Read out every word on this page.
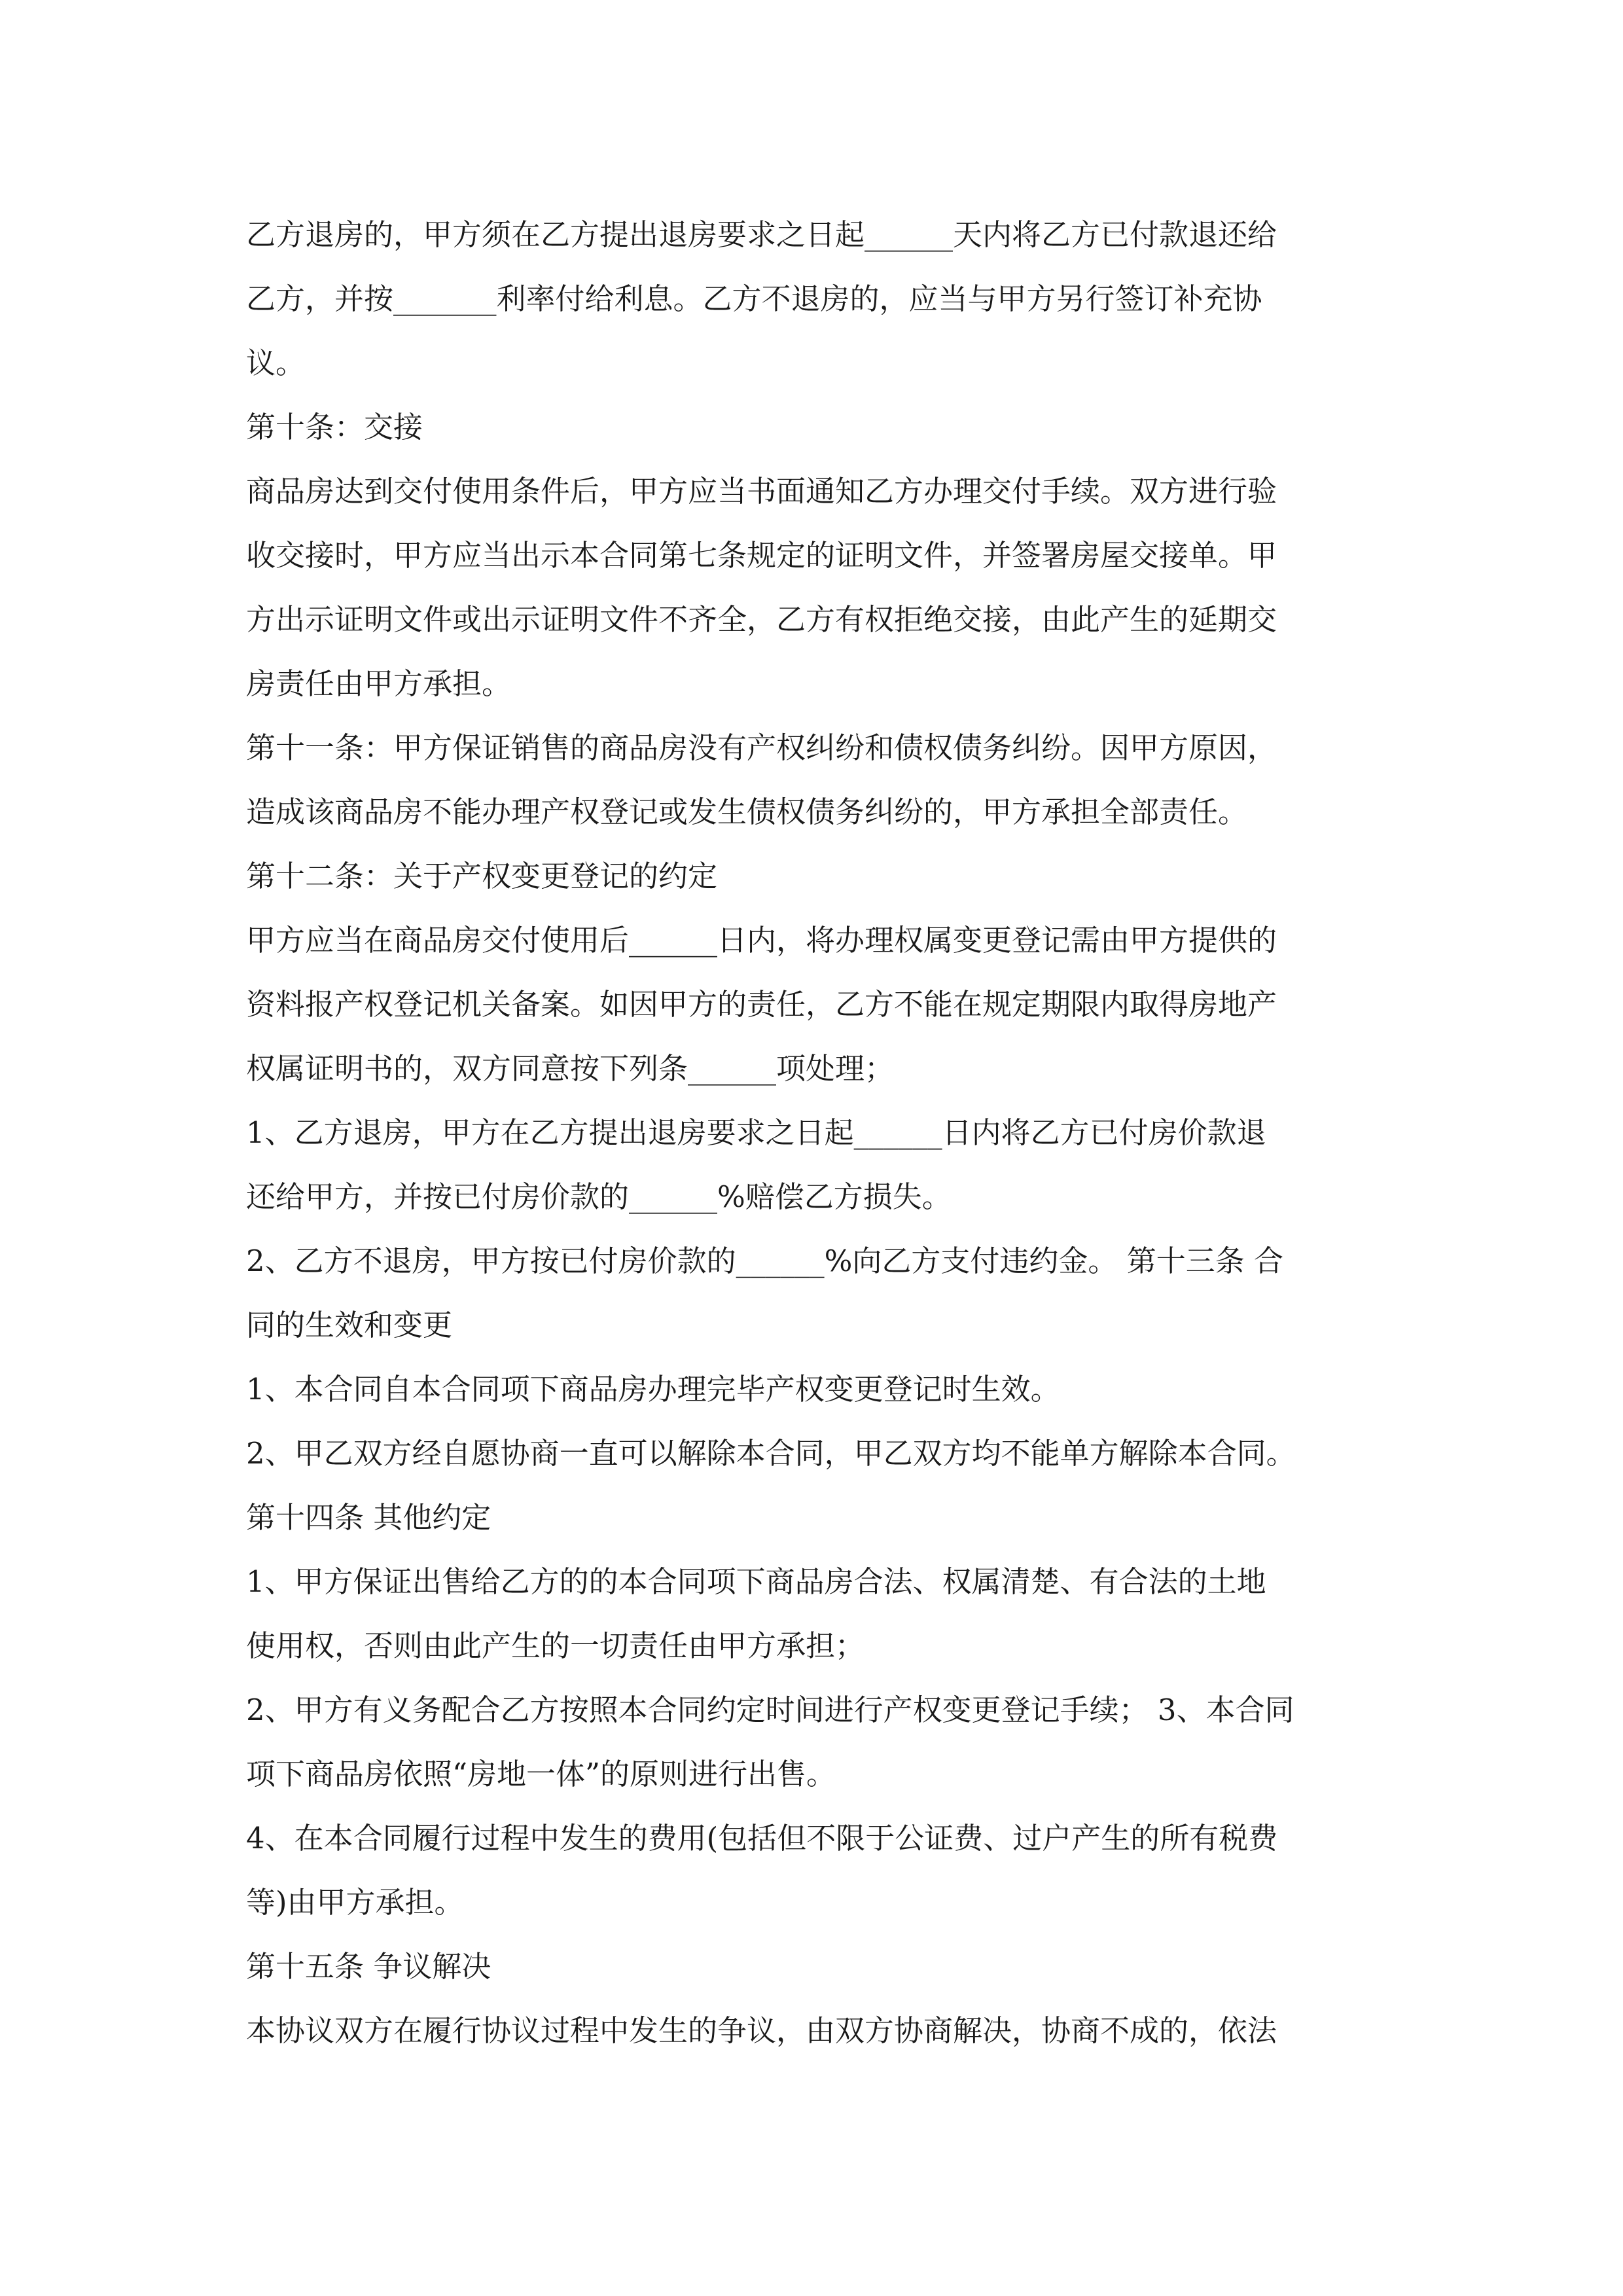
乙方退房的，甲方须在乙方提出退房要求之日起______天内将乙方已付款退还给
乙方，并按_______利率付给利息。乙方不退房的，应当与甲方另行签订补充协
议。
第十条：交接
商品房达到交付使用条件后，甲方应当书面通知乙方办理交付手续。双方进行验
收交接时，甲方应当出示本合同第七条规定的证明文件，并签署房屋交接单。甲
方出示证明文件或出示证明文件不齐全，乙方有权拒绝交接，由此产生的延期交
房责任由甲方承担。
第十一条：甲方保证销售的商品房没有产权纠纷和债权债务纠纷。因甲方原因，
造成该商品房不能办理产权登记或发生债权债务纠纷的，甲方承担全部责任。
第十二条：关于产权变更登记的约定
甲方应当在商品房交付使用后______日内，将办理权属变更登记需由甲方提供的
资料报产权登记机关备案。如因甲方的责任，乙方不能在规定期限内取得房地产
权属证明书的，双方同意按下列条______项处理；
1、乙方退房，甲方在乙方提出退房要求之日起______日内将乙方已付房价款退
还给甲方，并按已付房价款的______%赔偿乙方损失。
2、乙方不退房，甲方按已付房价款的______%向乙方支付违约金。 第十三条 合
同的生效和变更
1、本合同自本合同项下商品房办理完毕产权变更登记时生效。
2、甲乙双方经自愿协商一直可以解除本合同，甲乙双方均不能单方解除本合同。
第十四条 其他约定
1、甲方保证出售给乙方的的本合同项下商品房合法、权属清楚、有合法的土地
使用权，否则由此产生的一切责任由甲方承担；
2、甲方有义务配合乙方按照本合同约定时间进行产权变更登记手续； 3、本合同
项下商品房依照“房地一体”的原则进行出售。
4、在本合同履行过程中发生的费用(包括但不限于公证费、过户产生的所有税费
等)由甲方承担。
第十五条 争议解决
本协议双方在履行协议过程中发生的争议，由双方协商解决，协商不成的，依法
